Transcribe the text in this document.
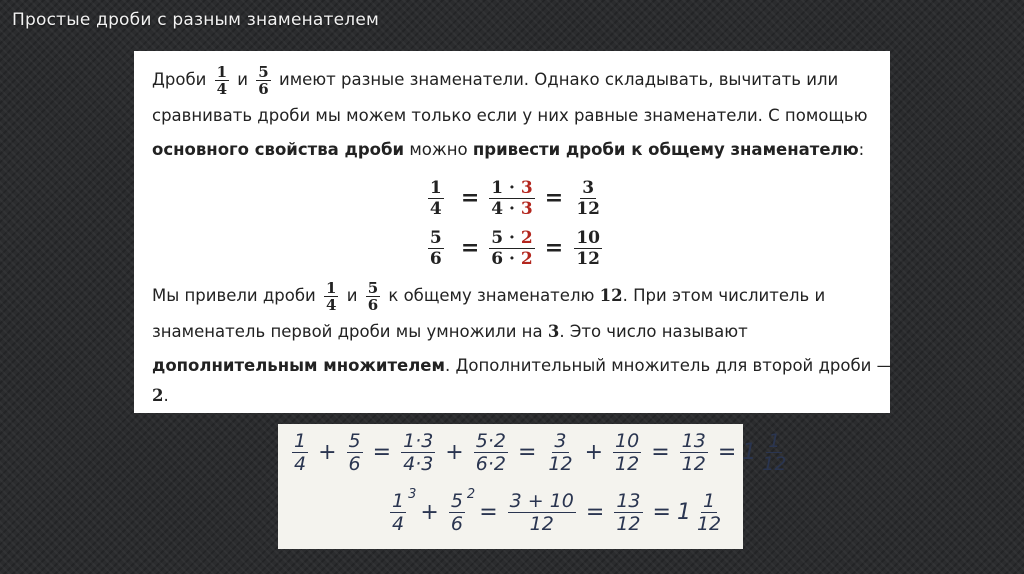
Простые дроби с разным знаменателем
Дроби $\frac{1}{4}$ и $\frac{5}{6}$ имеют разные знаменатели. Однако складывать, вычитать или
сравнивать дроби мы можем только если у них равные знаменатели. С помощью
основного свойства дроби можно привести дроби к общему знаменателю:
$\frac{1}{4} = \frac{1 \cdot 3}{4 \cdot 3} = \frac{3}{12}$
$\frac{5}{6} = \frac{5 \cdot 2}{6 \cdot 2} = \frac{10}{12}$
Мы привели дроби $\frac{1}{4}$ и $\frac{5}{6}$ к общему знаменателю 12. При этом числитель и
знаменатель первой дроби мы умножили на 3. Это число называют
дополнительным множителем. Дополнительный множитель для второй дроби —
2.
$\frac{1}{4} + \frac{5}{6} = \frac{1\cdot 3}{4\cdot 3} + \frac{5\cdot 2}{6\cdot 2} = \frac{3}{12} + \frac{10}{12} = \frac{13}{12} = 1 \frac{1}{12}$
$\frac{1}{4} 3$
+ $\frac{5}{6} 2$
= $\frac{3 + 10}{12} = \frac{13}{12} = 1 \frac{1}{12}$
